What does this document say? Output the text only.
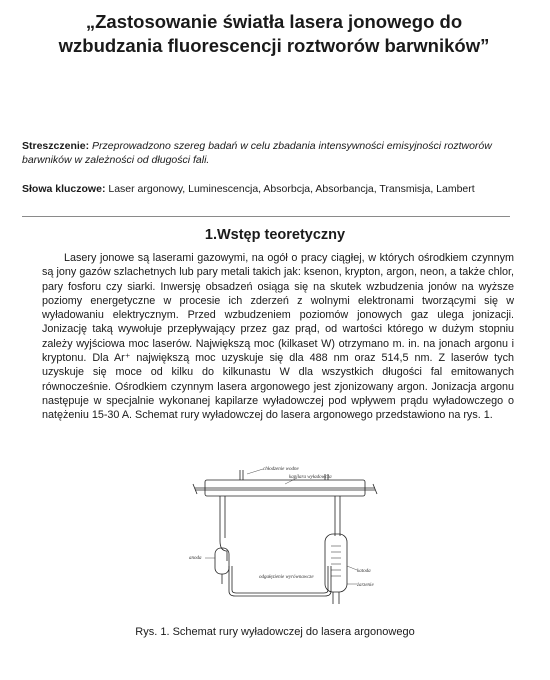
„Zastosowanie światła lasera jonowego do
wzbudzania fluorescencji roztworów barwników”
Streszczenie: Przeprowadzono szereg badań w celu zbadania intensywności emisyjności roztworów barwników w zależności od długości fali.
Słowa kluczowe: Laser argonowy, Luminescencja, Absorbcja, Absorbancja, Transmisja, Lambert
1.Wstęp teoretyczny
Lasery jonowe są laserami gazowymi, na ogół o pracy ciągłej, w których ośrodkiem czynnym są jony gazów szlachetnych lub pary metali takich jak: ksenon, krypton, argon, neon, a także chlor, pary fosforu czy siarki. Inwersję obsadzeń osiąga się na skutek wzbudzenia jonów na wyższe poziomy energetyczne w procesie ich zderzeń z wolnymi elektronami tworzącymi się w wyładowaniu elektrycznym. Przed wzbudzeniem poziomów jonowych gaz ulega jonizacji. Jonizację taką wywołuje przepływający przez gaz prąd, od wartości którego w dużym stopniu zależy wyjściowa moc laserów. Największą moc (kilkaset W) otrzymano m. in. na jonach argonu i kryptonu. Dla Ar⁺ największą moc uzyskuje się dla 488 nm oraz 514,5 nm. Z laserów tych uzyskuje się moce od kilku do kilkunastu W dla wszystkich długości fal emitowanych równocześnie. Ośrodkiem czynnym lasera argonowego jest zjonizowany argon. Jonizacja argonu następuje w specjalnie wykonanej kapilarze wyładowczej pod wpływem prądu wyładowczego o natężeniu 15-30 A. Schemat rury wyładowczej do lasera argonowego przedstawiono na rys. 1.
chłodzenie wodne
kapilara wyładowcza
anoda
odgałęzienie wyrównawcze
katoda
żarzenie
Rys. 1. Schemat rury wyładowczej do lasera argonowego
